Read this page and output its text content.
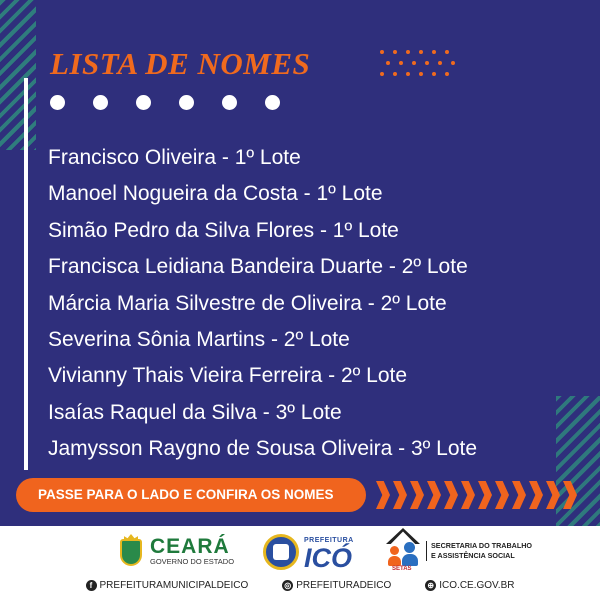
LISTA DE NOMES
Francisco Oliveira - 1º Lote
Manoel Nogueira da Costa - 1º Lote
Simão Pedro da Silva Flores - 1º Lote
Francisca Leidiana Bandeira Duarte - 2º Lote
Márcia Maria Silvestre de Oliveira - 2º Lote
Severina Sônia Martins - 2º Lote
Vivianny Thais Vieira Ferreira - 2º Lote
Isaías Raquel da Silva - 3º Lote
Jamysson Raygno de Sousa Oliveira - 3º Lote
PASSE PARA O LADO E CONFIRA OS NOMES
CEARÁ
GOVERNO DO ESTADO
PREFEITURA
ICÓ	SETAS
SECRETARIA DO TRABALHO
E ASSISTÊNCIA SOCIAL
f PREFEITURAMUNICIPALDEICO	◎ PREFEITURADEICO	⊕ ICO.CE.GOV.BR
